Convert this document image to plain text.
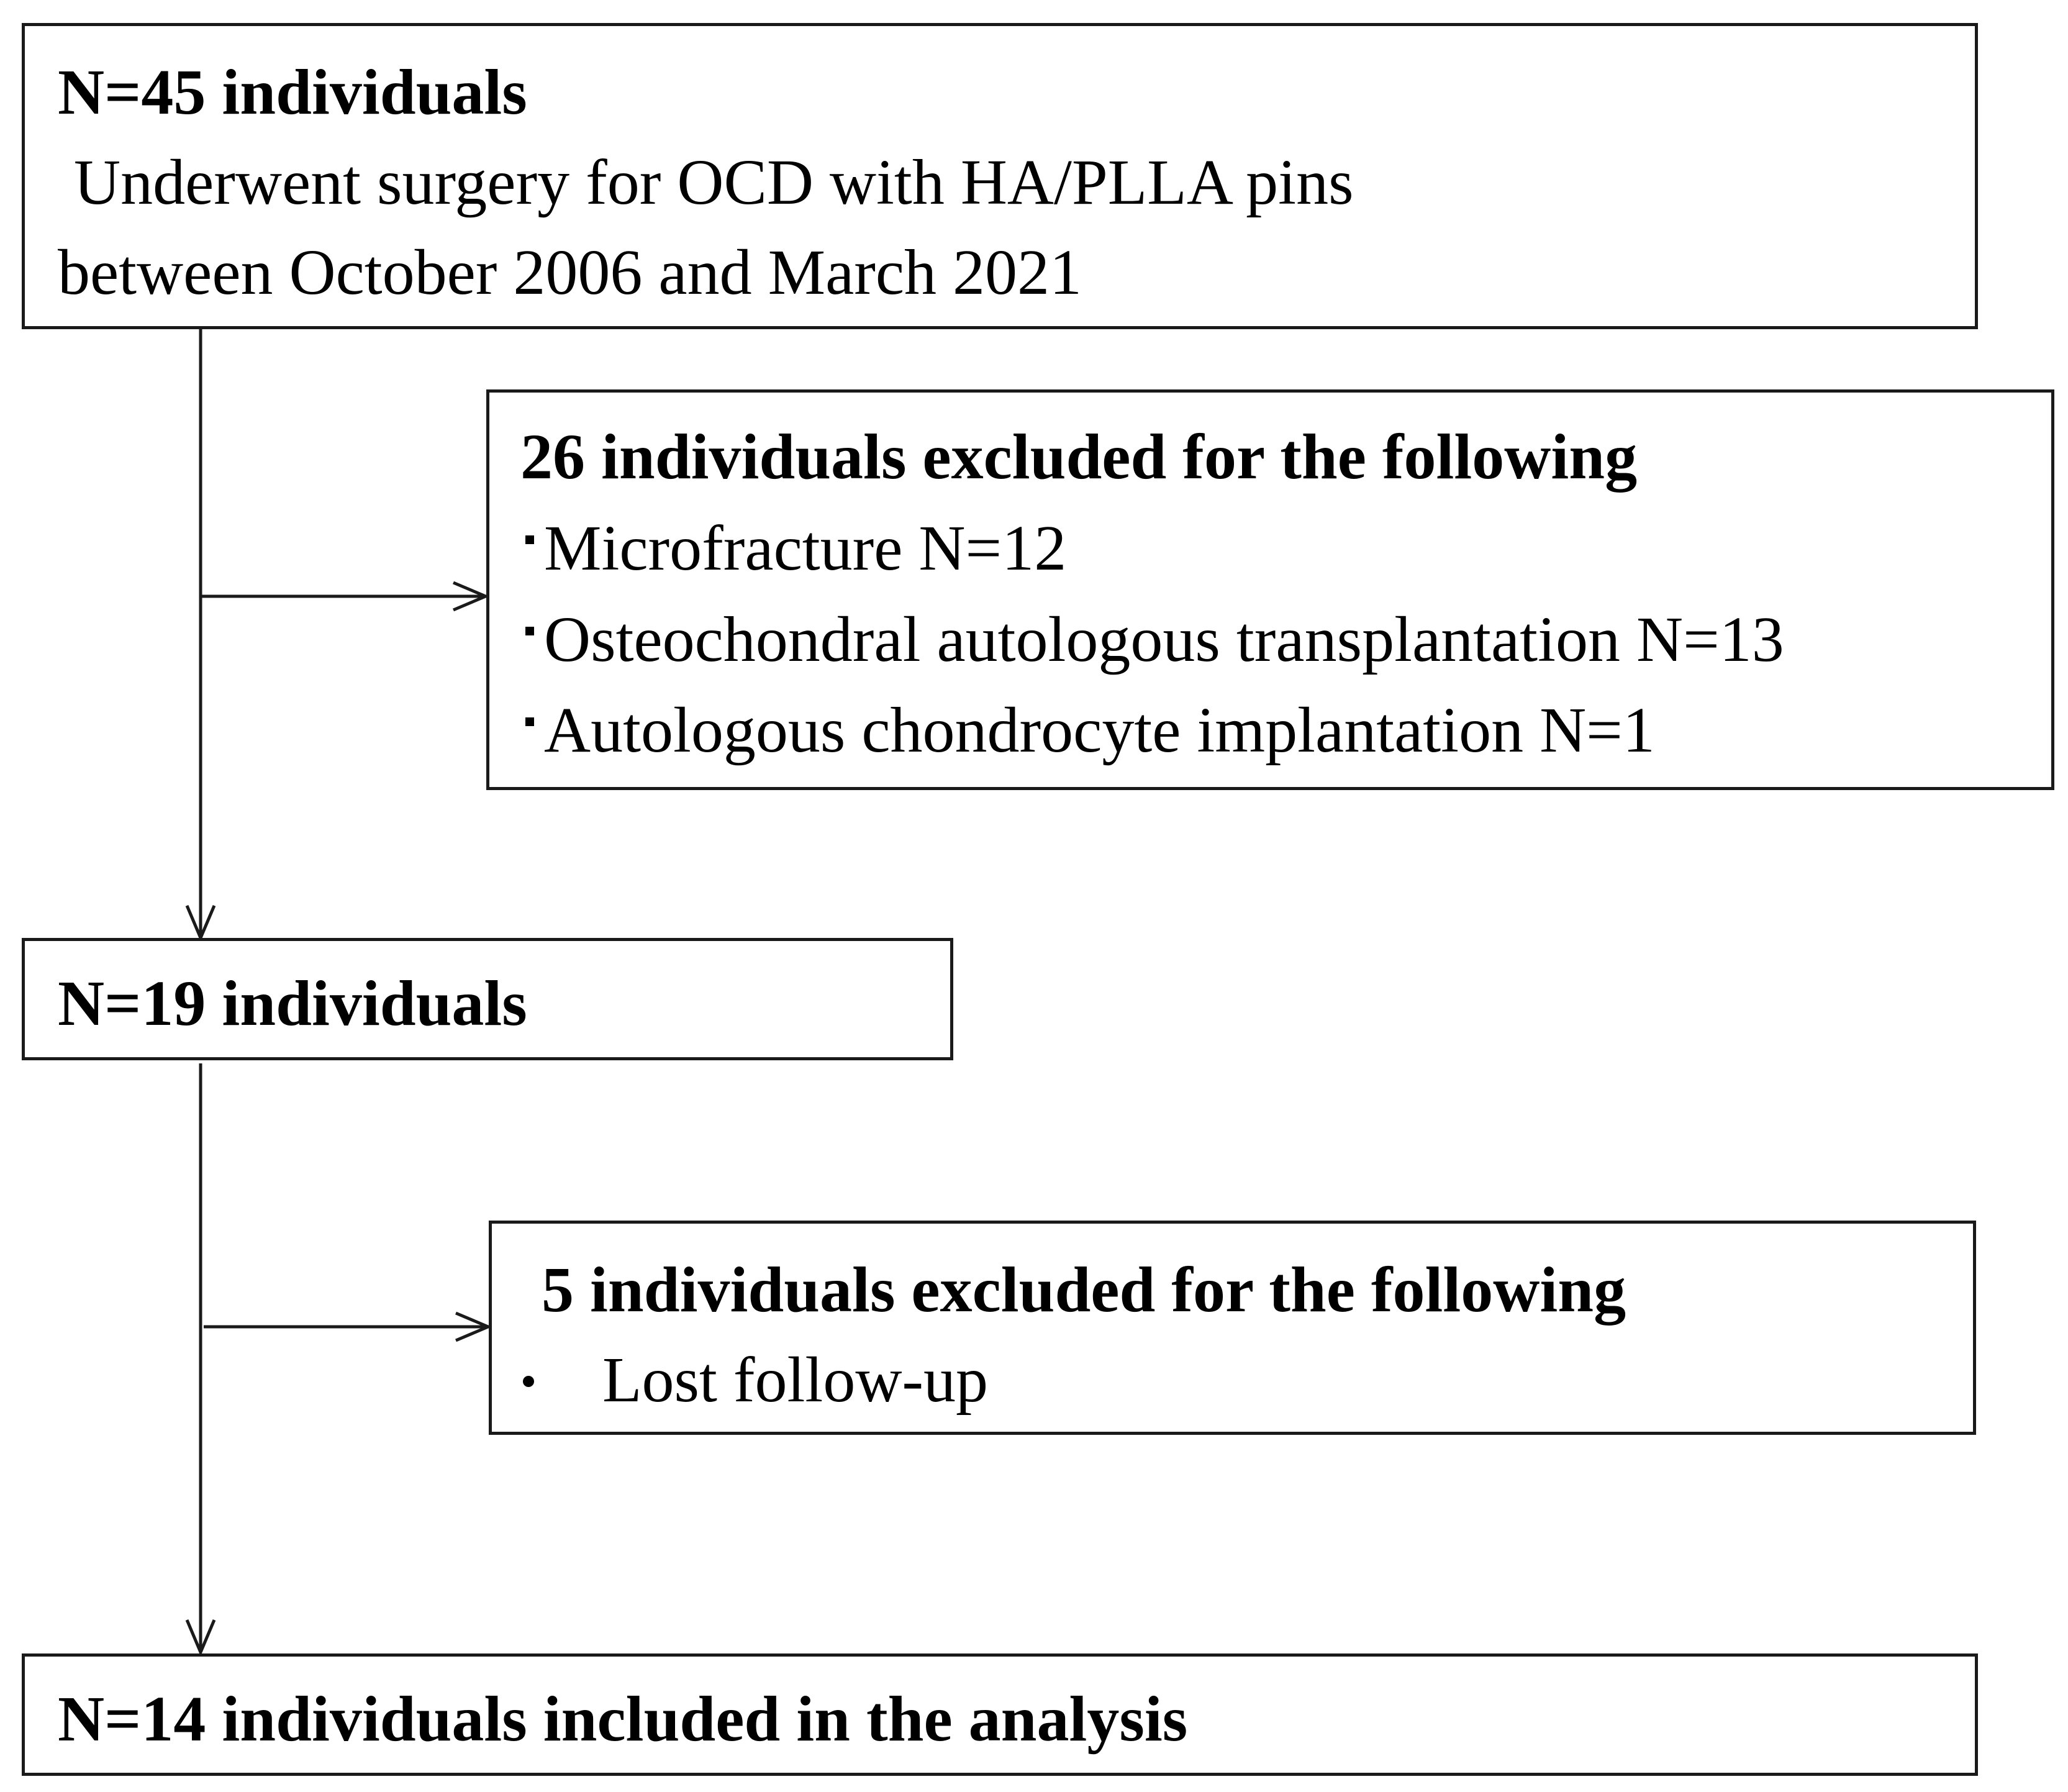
N=45 individuals
Underwent surgery for OCD with HA/PLLA pins
between October 2006 and March 2021
26 individuals excluded for the following
Microfracture N=12
Osteochondral autologous transplantation N=13
Autologous chondrocyte implantation N=1
N=19 individuals
5 individuals excluded for the following
Lost follow-up
N=14 individuals included in the analysis
